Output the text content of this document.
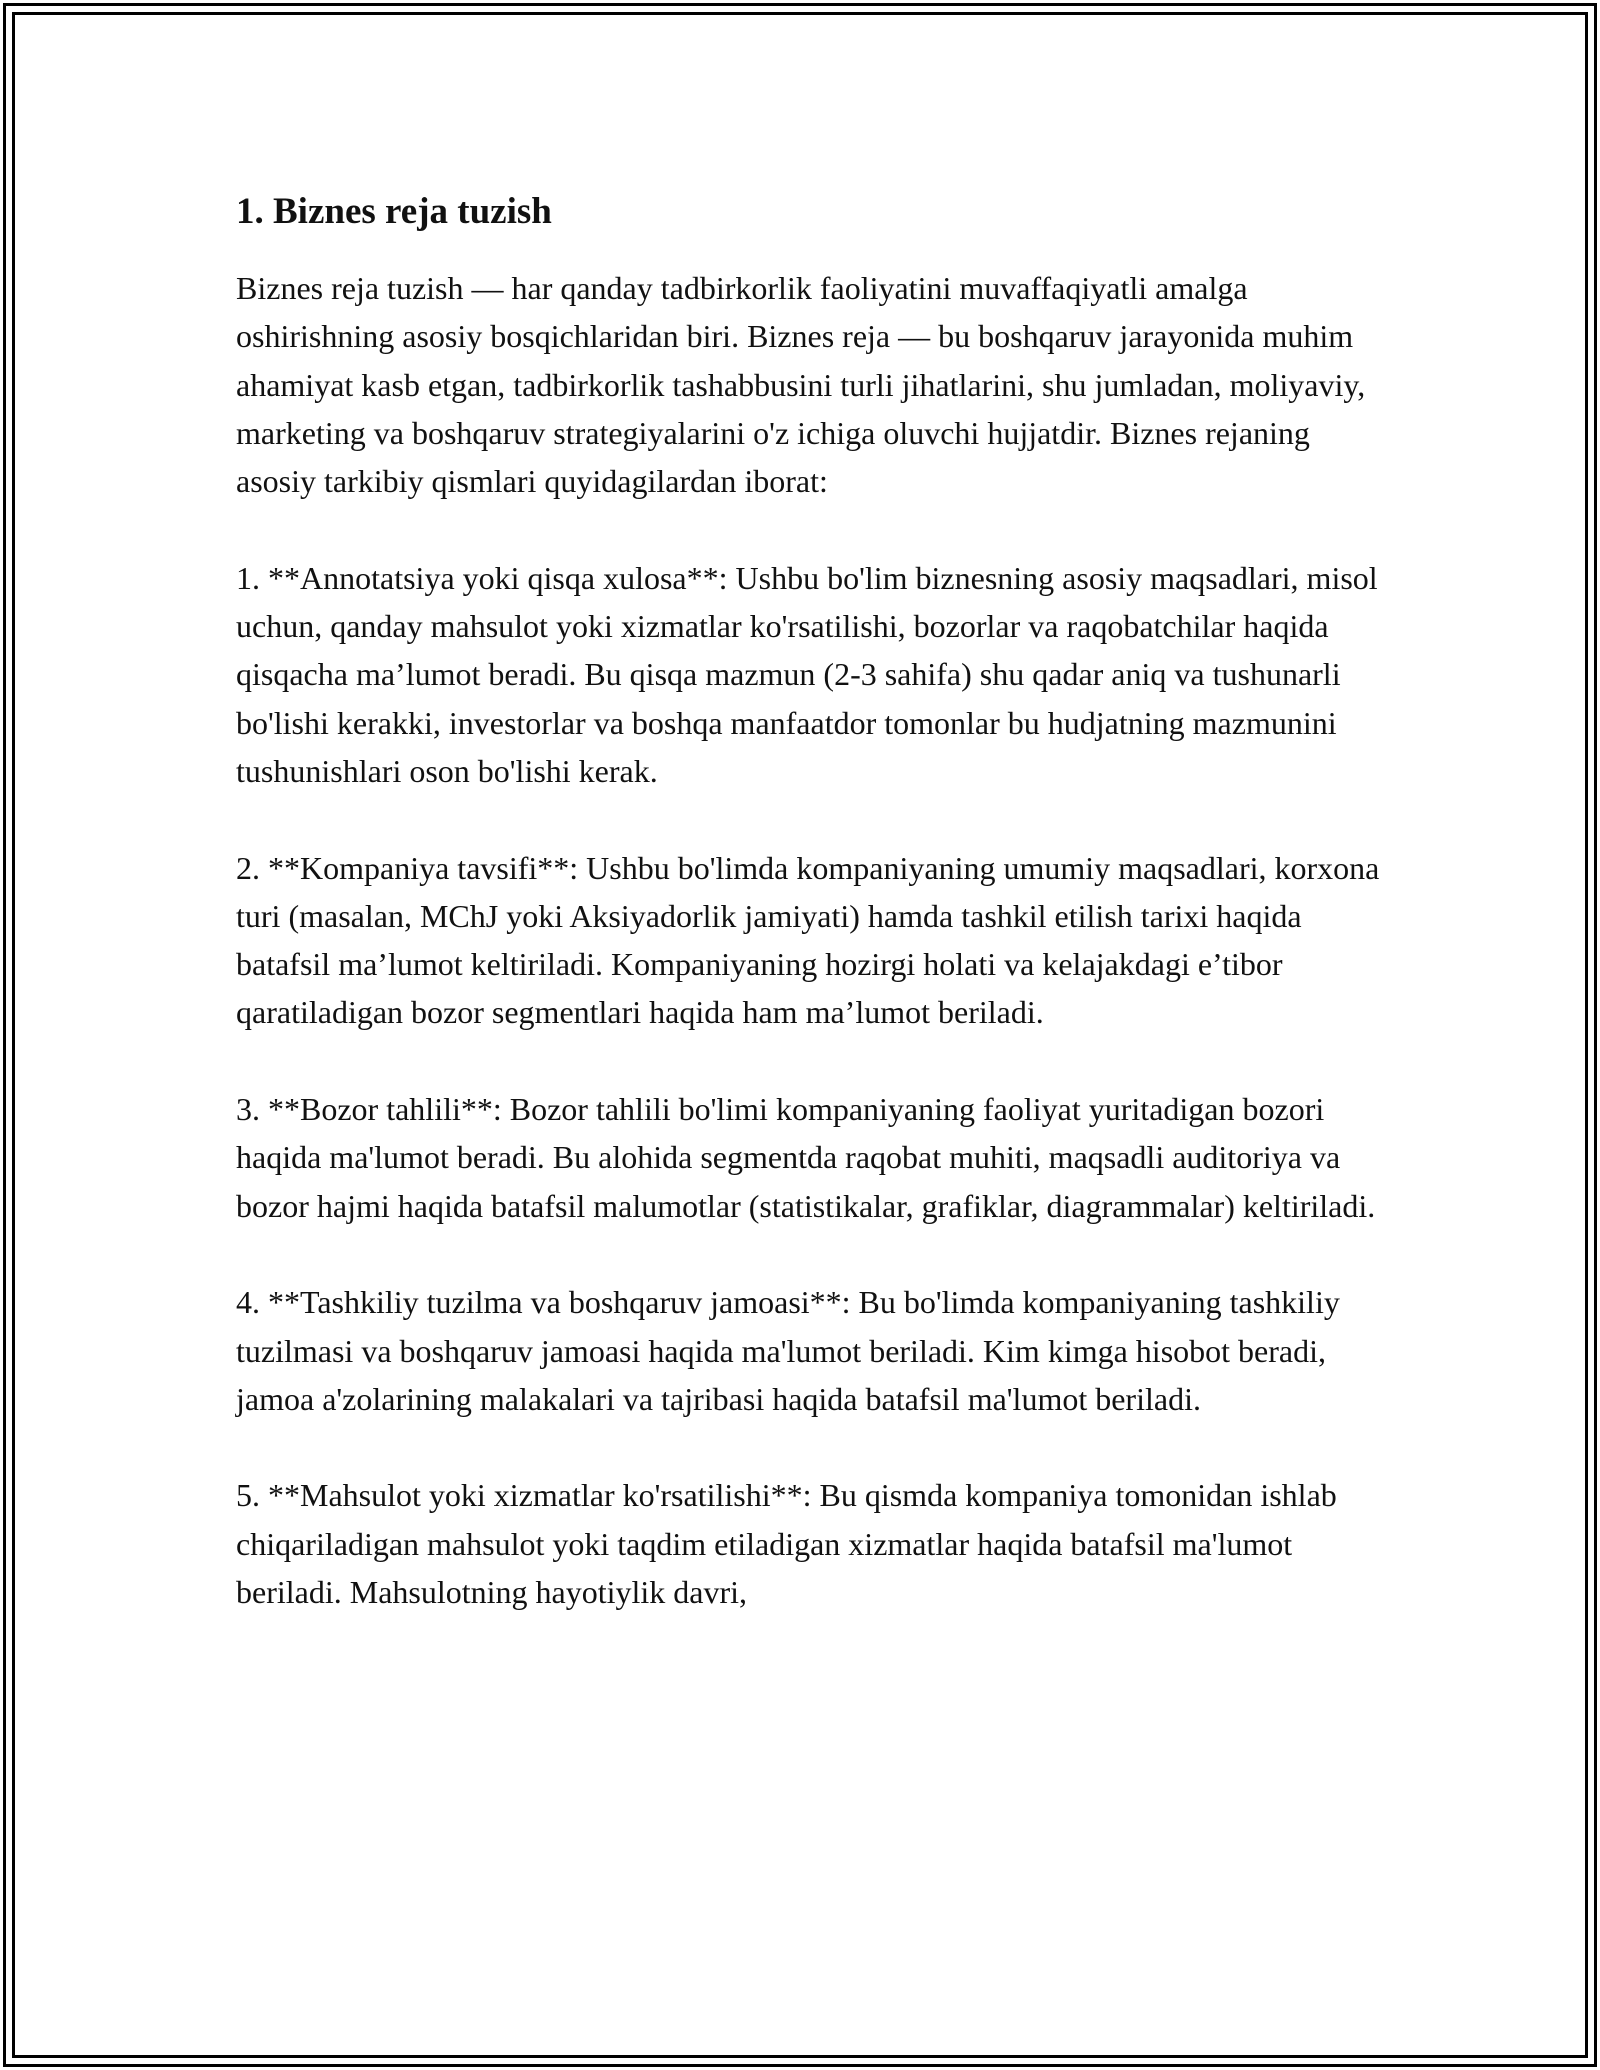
1. Biznes reja tuzish

Biznes reja tuzish — har qanday tadbirkorlik faoliyatini muvaffaqiyatli amalga oshirishning asosiy bosqichlaridan biri. Biznes reja — bu boshqaruv jarayonida muhim ahamiyat kasb etgan, tadbirkorlik tashabbusini turli jihatlarini, shu jumladan, moliyaviy, marketing va boshqaruv strategiyalarini o'z ichiga oluvchi hujjatdir. Biznes rejaning asosiy tarkibiy qismlari quyidagilardan iborat:

1. **Annotatsiya yoki qisqa xulosa**: Ushbu bo'lim biznesning asosiy maqsadlari, misol uchun, qanday mahsulot yoki xizmatlar ko'rsatilishi, bozorlar va raqobatchilar haqida qisqacha ma’lumot beradi. Bu qisqa mazmun (2-3 sahifa) shu qadar aniq va tushunarli bo'lishi kerakki, investorlar va boshqa manfaatdor tomonlar bu hudjatning mazmunini tushunishlari oson bo'lishi kerak.

2. **Kompaniya tavsifi**: Ushbu bo'limda kompaniyaning umumiy maqsadlari, korxona turi (masalan, MChJ yoki Aksiyadorlik jamiyati) hamda tashkil etilish tarixi haqida batafsil ma’lumot keltiriladi. Kompaniyaning hozirgi holati va kelajakdagi e’tibor qaratiladigan bozor segmentlari haqida ham ma’lumot beriladi.

3. **Bozor tahlili**: Bozor tahlili bo'limi kompaniyaning faoliyat yuritadigan bozori haqida ma'lumot beradi. Bu alohida segmentda raqobat muhiti, maqsadli auditoriya va bozor hajmi haqida batafsil malumotlar (statistikalar, grafiklar, diagrammalar) keltiriladi.

4. **Tashkiliy tuzilma va boshqaruv jamoasi**: Bu bo'limda kompaniyaning tashkiliy tuzilmasi va boshqaruv jamoasi haqida ma'lumot beriladi. Kim kimga hisobot beradi, jamoa a'zolarining malakalari va tajribasi haqida batafsil ma'lumot beriladi.

5. **Mahsulot yoki xizmatlar ko'rsatilishi**: Bu qismda kompaniya tomonidan ishlab chiqariladigan mahsulot yoki taqdim etiladigan xizmatlar haqida batafsil ma'lumot beriladi. Mahsulotning hayotiylik davri,
